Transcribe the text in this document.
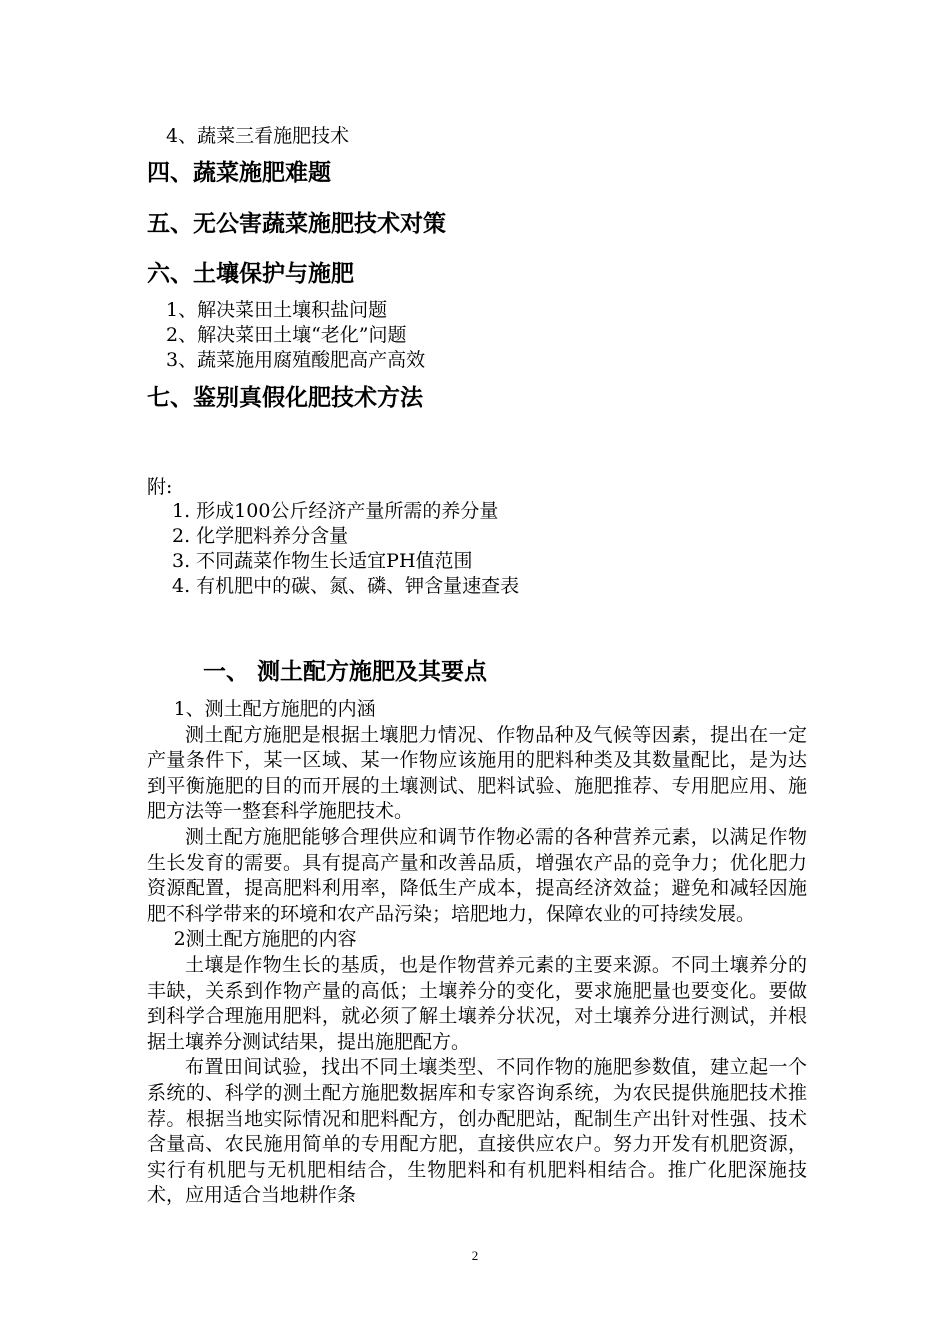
4、蔬菜三看施肥技术
四、蔬菜施肥难题
五、无公害蔬菜施肥技术对策
六、土壤保护与施肥
1、解决菜田土壤积盐问题
2、解决菜田土壤“老化”问题
3、蔬菜施用腐殖酸肥高产高效
七、鉴别真假化肥技术方法
附:
1. 形成100公斤经济产量所需的养分量
2. 化学肥料养分含量
3. 不同蔬菜作物生长适宜PH值范围
4. 有机肥中的碳、氮、磷、钾含量速查表
一、 测土配方施肥及其要点

1、测土配方施肥的内涵

测土配方施肥是根据土壤肥力情况、作物品种及气候等因素，提出在一定产量条件下，某一区域、某一作物应该施用的肥料种类及其数量配比，是为达到平衡施肥的目的而开展的土壤测试、肥料试验、施肥推荐、专用肥应用、施肥方法等一整套科学施肥技术。

测土配方施肥能够合理供应和调节作物必需的各种营养元素，以满足作物生长发育的需要。具有提高产量和改善品质，增强农产品的竞争力；优化肥力资源配置，提高肥料利用率，降低生产成本，提高经济效益；避免和减轻因施肥不科学带来的环境和农产品污染；培肥地力，保障农业的可持续发展。

2测土配方施肥的内容

土壤是作物生长的基质，也是作物营养元素的主要来源。不同土壤养分的丰缺，关系到作物产量的高低；土壤养分的变化，要求施肥量也要变化。要做到科学合理施用肥料，就必须了解土壤养分状况，对土壤养分进行测试，并根据土壤养分测试结果，提出施肥配方。

布置田间试验，找出不同土壤类型、不同作物的施肥参数值，建立起一个系统的、科学的测土配方施肥数据库和专家咨询系统，为农民提供施肥技术推荐。根据当地实际情况和肥料配方，创办配肥站，配制生产出针对性强、技术含量高、农民施用简单的专用配方肥，直接供应农户。努力开发有机肥资源，实行有机肥与无机肥相结合，生物肥料和有机肥料相结合。推广化肥深施技术，应用适合当地耕作条

2
